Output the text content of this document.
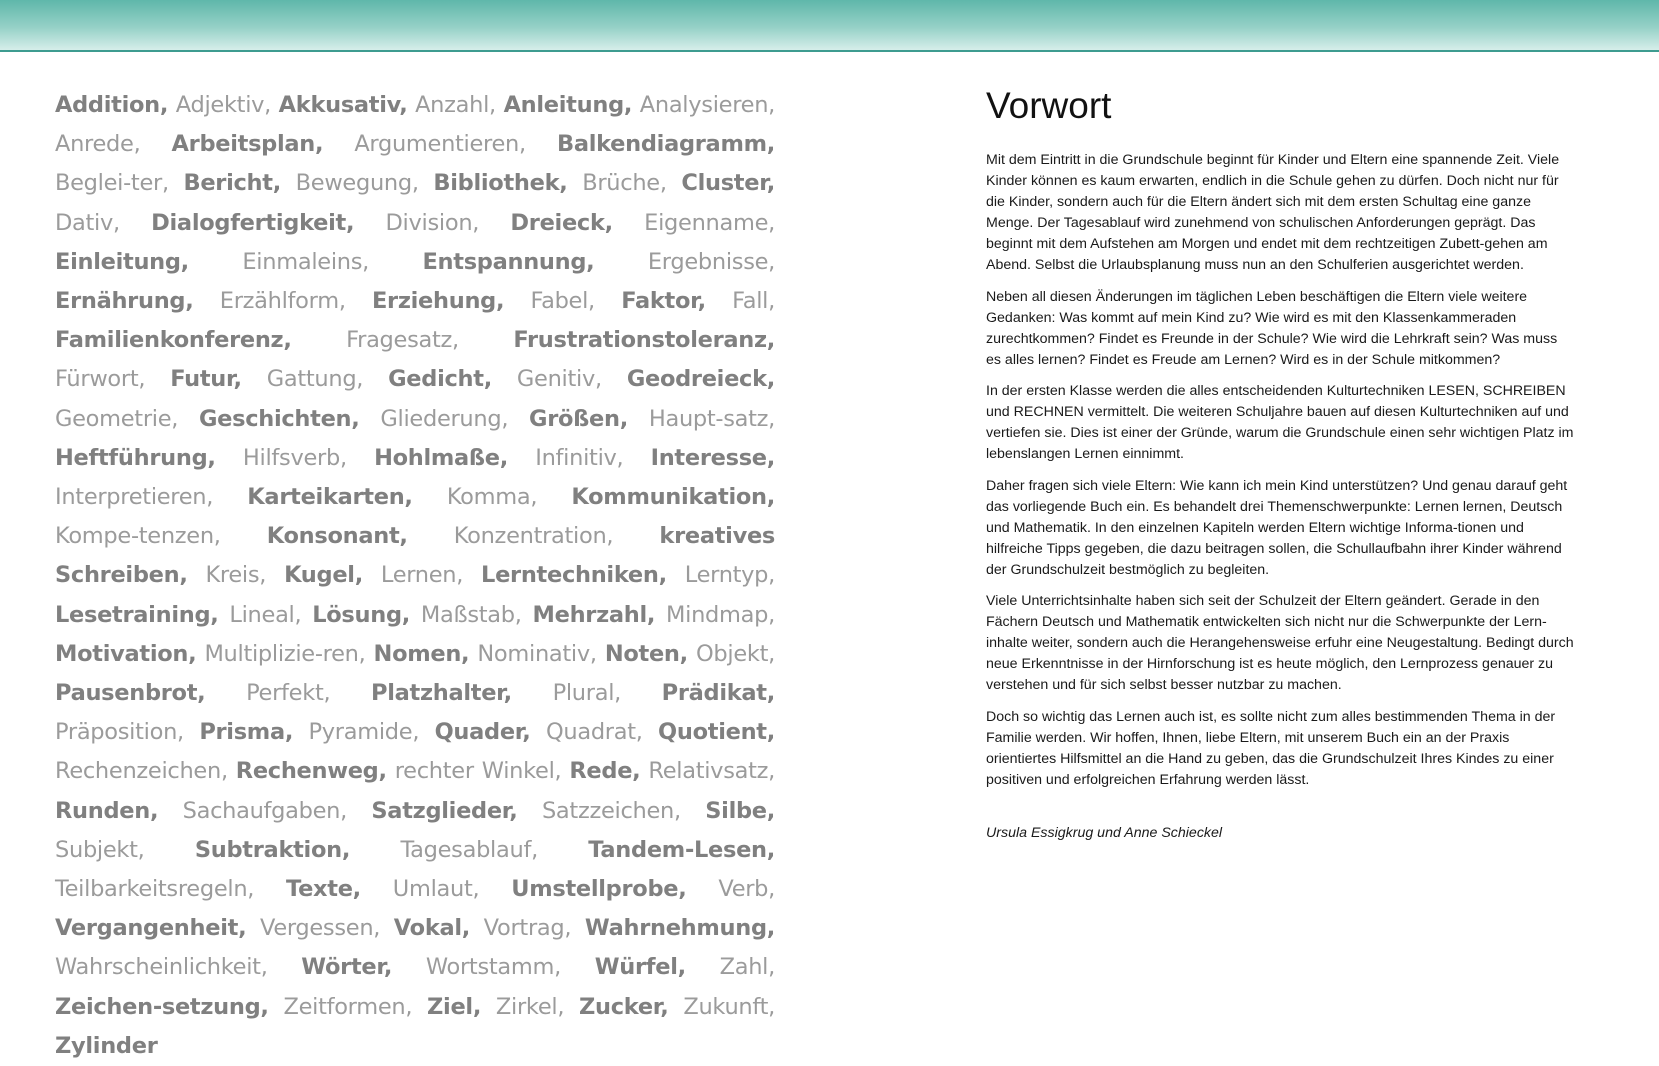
Addition, Adjektiv, Akkusativ, Anzahl, Anleitung, Analysieren, Anrede, Arbeitsplan, Argumentieren, Balkendiagramm, Beglei-ter, Bericht, Bewegung, Bibliothek, Brüche, Cluster, Dativ, Dialogfertigkeit, Division, Dreieck, Eigenname, Einleitung, Einmaleins, Entspannung, Ergebnisse, Ernährung, Erzählform, Erziehung, Fabel, Faktor, Fall, Familienkonferenz, Fragesatz, Frustrationstoleranz, Fürwort, Futur, Gattung, Gedicht, Genitiv, Geodreieck, Geometrie, Geschichten, Gliederung, Größen, Haupt-satz, Heftführung, Hilfsverb, Hohlmaße, Infinitiv, Interesse, Interpretieren, Karteikarten, Komma, Kommunikation, Kompe-tenzen, Konsonant, Konzentration, kreatives Schreiben, Kreis, Kugel, Lernen, Lerntechniken, Lerntyp, Lesetraining, Lineal, Lösung, Maßstab, Mehrzahl, Mindmap, Motivation, Multiplizie-ren, Nomen, Nominativ, Noten, Objekt, Pausenbrot, Perfekt, Platzhalter, Plural, Prädikat, Präposition, Prisma, Pyramide, Quader, Quadrat, Quotient, Rechenzeichen, Rechenweg, rechter Winkel, Rede, Relativsatz, Runden, Sachaufgaben, Satzglieder, Satzzeichen, Silbe, Subjekt, Subtraktion, Tagesablauf, Tandem-Lesen, Teilbarkeitsregeln, Texte, Umlaut, Umstellprobe, Verb, Vergangenheit, Vergessen, Vokal, Vortrag, Wahrnehmung, Wahrscheinlichkeit, Wörter, Wortstamm, Würfel, Zahl, Zeichen-setzung, Zeitformen, Ziel, Zirkel, Zucker, Zukunft, Zylinder
Vorwort

Mit dem Eintritt in die Grundschule beginnt für Kinder und Eltern eine spannende Zeit. Viele Kinder können es kaum erwarten, endlich in die Schule gehen zu dürfen. Doch nicht nur für die Kinder, sondern auch für die Eltern ändert sich mit dem ersten Schultag eine ganze Menge. Der Tagesablauf wird zunehmend von schulischen Anforderungen geprägt. Das beginnt mit dem Aufstehen am Morgen und endet mit dem rechtzeitigen Zubett-gehen am Abend. Selbst die Urlaubsplanung muss nun an den Schulferien ausgerichtet werden.

Neben all diesen Änderungen im täglichen Leben beschäftigen die Eltern viele weitere Gedanken: Was kommt auf mein Kind zu? Wie wird es mit den Klassenkammeraden zurechtkommen? Findet es Freunde in der Schule? Wie wird die Lehrkraft sein? Was muss es alles lernen? Findet es Freude am Lernen? Wird es in der Schule mitkommen?

In der ersten Klasse werden die alles entscheidenden Kulturtechniken LESEN, SCHREIBEN und RECHNEN vermittelt. Die weiteren Schuljahre bauen auf diesen Kulturtechniken auf und vertiefen sie. Dies ist einer der Gründe, warum die Grundschule einen sehr wichtigen Platz im lebenslangen Lernen einnimmt.

Daher fragen sich viele Eltern: Wie kann ich mein Kind unterstützen? Und genau darauf geht das vorliegende Buch ein. Es behandelt drei Themenschwerpunkte: Lernen lernen, Deutsch und Mathematik. In den einzelnen Kapiteln werden Eltern wichtige Informa-tionen und hilfreiche Tipps gegeben, die dazu beitragen sollen, die Schullaufbahn ihrer Kinder während der Grundschulzeit bestmöglich zu begleiten.

Viele Unterrichtsinhalte haben sich seit der Schulzeit der Eltern geändert. Gerade in den Fächern Deutsch und Mathematik entwickelten sich nicht nur die Schwerpunkte der Lern-inhalte weiter, sondern auch die Herangehensweise erfuhr eine Neugestaltung. Bedingt durch neue Erkenntnisse in der Hirnforschung ist es heute möglich, den Lernprozess genauer zu verstehen und für sich selbst besser nutzbar zu machen.

Doch so wichtig das Lernen auch ist, es sollte nicht zum alles bestimmenden Thema in der Familie werden. Wir hoffen, Ihnen, liebe Eltern, mit unserem Buch ein an der Praxis orientiertes Hilfsmittel an die Hand zu geben, das die Grundschulzeit Ihres Kindes zu einer positiven und erfolgreichen Erfahrung werden lässt.

Ursula Essigkrug und Anne Schieckel
